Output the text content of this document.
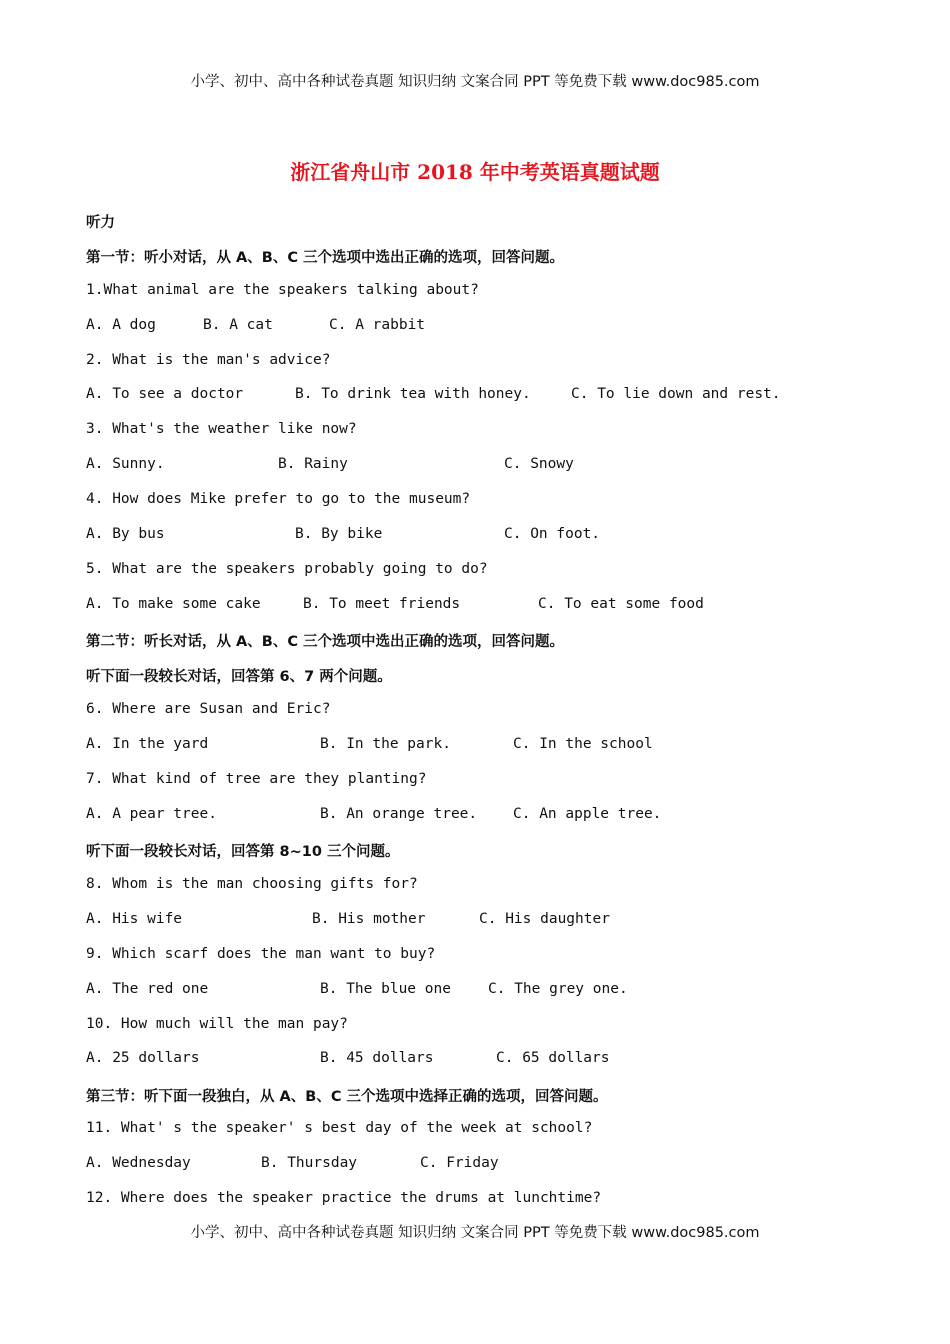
小学、初中、高中各种试卷真题 知识归纳 文案合同 PPT 等免费下载 www.doc985.com
浙江省舟山市 2018 年中考英语真题试题
听力
第一节：听小对话，从 A、B、C 三个选项中选出正确的选项，回答问题。
1.What animal are the speakers talking about?
A. A dog	B. A cat	C. A rabbit
2. What is the man's advice?
A. To see a doctor	B. To drink tea with honey.	C. To lie down and rest.
3. What's the weather like now?
A. Sunny.	B. Rainy	C. Snowy
4. How does Mike prefer to go to the museum?
A. By bus	B. By bike	C. On foot.
5. What are the speakers probably going to do?
A. To make some cake	B. To meet friends	C. To eat some food
第二节：听长对话，从 A、B、C 三个选项中选出正确的选项，回答问题。
听下面一段较长对话，回答第 6、7 两个问题。
6. Where are Susan and Eric?
A. In the yard	B. In the park.	C. In the school
7. What kind of tree are they planting?
A. A pear tree.	B. An orange tree. C. An apple tree.
听下面一段较长对话，回答第 8~10 三个问题。
8. Whom is the man choosing gifts for?
A. His wife	B. His mother	C. His daughter
9. Which scarf does the man want to buy?
A. The red one	B. The blue one	C. The grey one.
10. How much will the man pay?
A. 25 dollars	B. 45 dollars	C. 65 dollars
第三节：听下面一段独白，从 A、B、C 三个选项中选择正确的选项，回答问题。
11. What' s the speaker' s best day of the week at school?
A. Wednesday	B. Thursday	C. Friday
12. Where does the speaker practice the drums at lunchtime?
小学、初中、高中各种试卷真题 知识归纳 文案合同 PPT 等免费下载 www.doc985.com
